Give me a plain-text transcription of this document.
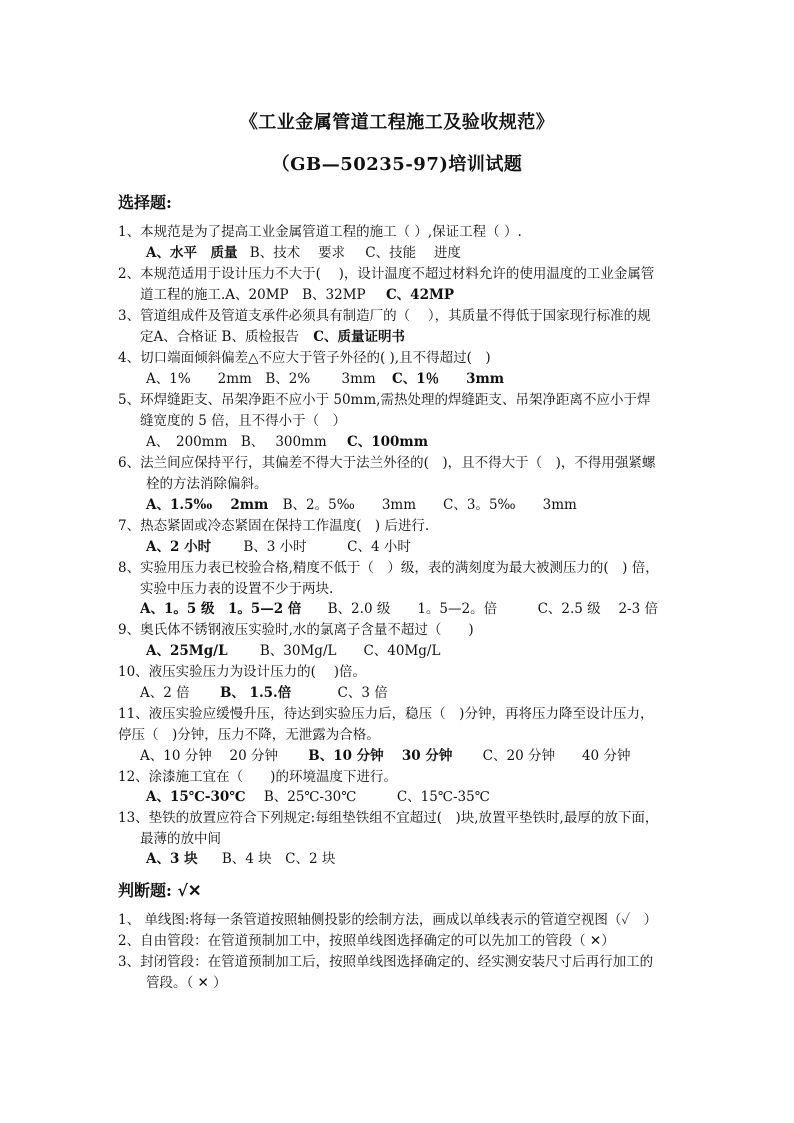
《工业金属管道工程施工及验收规范》
（GB—50235-97)培训试题
选择题:
1、本规范是为了提高工业金属管道工程的施工（ ）,保证工程（ ）.
A、水平　质量 B、技术　 要求 C、技能　 进度
2、本规范适用于设计压力不大于(　 )，设计温度不超过材料允许的使用温度的工业金属管
道工程的施工.A、20MP　B、32MP C、42MP
3、管道组成件及管道支承件必须具有制造厂的（　 ），其质量不得低于国家现行标准的规
定A、合格证 B、质检报告 C、质量证明书
4、切口端面倾斜偏差△不应大于管子外径的( ),且不得超过(　)
A、1%　　2mm　B、2%　　 3mm C、1％　　3mm
5、环焊缝距支、吊架净距不应小于 50mm,需热处理的焊缝距支、吊架净距离不应小于焊
缝宽度的 5 倍，且不得小于（　）
A、　200mm　B、　 300mm C、100mm
6、法兰间应保持平行，其偏差不得大于法兰外径的(　)，且不得大于（　)，不得用强紧螺
栓的方法消除偏斜。
A、1.5‰　 2mm B、2。5‰　　3mm　　C、3。5‰　　3mm
7、热态紧固或冷态紧固在保持工作温度(　) 后进行.
A、2 小时 B、3 小时　　　C、4 小时
8、实验用压力表已校验合格,精度不低于（　）级，表的满刻度为最大被测压力的(　) 倍，
实验中压力表的设置不少于两块.
A、1。5 级　1。5—2 倍 B、2.0 级　　1。5—2。倍　　　C、2.5 级　 2-3 倍
9、奥氏体不锈钢液压实验时,水的氯离子含量不超过（　　)
A、25Mg/L B、30Mg/L　　C、40Mg/L
10、液压实验压力为设计压力的(　 )倍。
A、2 倍 B、 1.5.倍	C、3 倍
11、液压实验应缓慢升压，待达到实验压力后，稳压（　)分钟，再将压力降至设计压力，
停压（　)分钟，压力不降，无泄露为合格。
A、10 分钟　 20 分钟 B、10 分钟　 30 分钟 C、20 分钟　　40 分钟
12、涂漆施工宜在（　　)的环境温度下进行。
A、15℃-30℃ B、25℃-30℃　　　C、15℃-35℃
13、垫铁的放置应符合下列规定:每组垫铁组不宜超过(　)块,放置平垫铁时,最厚的放下面，
最薄的放中间
A、3 块 B、4 块　C、2 块
判断题: √✕
1、 单线图:将每一条管道按照轴侧投影的绘制方法，画成以单线表示的管道空视图（✓　）
2、自由管段：在管道预制加工中，按照单线图选择确定的可以先加工的管段（ ✕）
3、封闭管段：在管道预制加工后，按照单线图选择确定的、经实测安装尺寸后再行加工的
管段。（ ✕ ）
